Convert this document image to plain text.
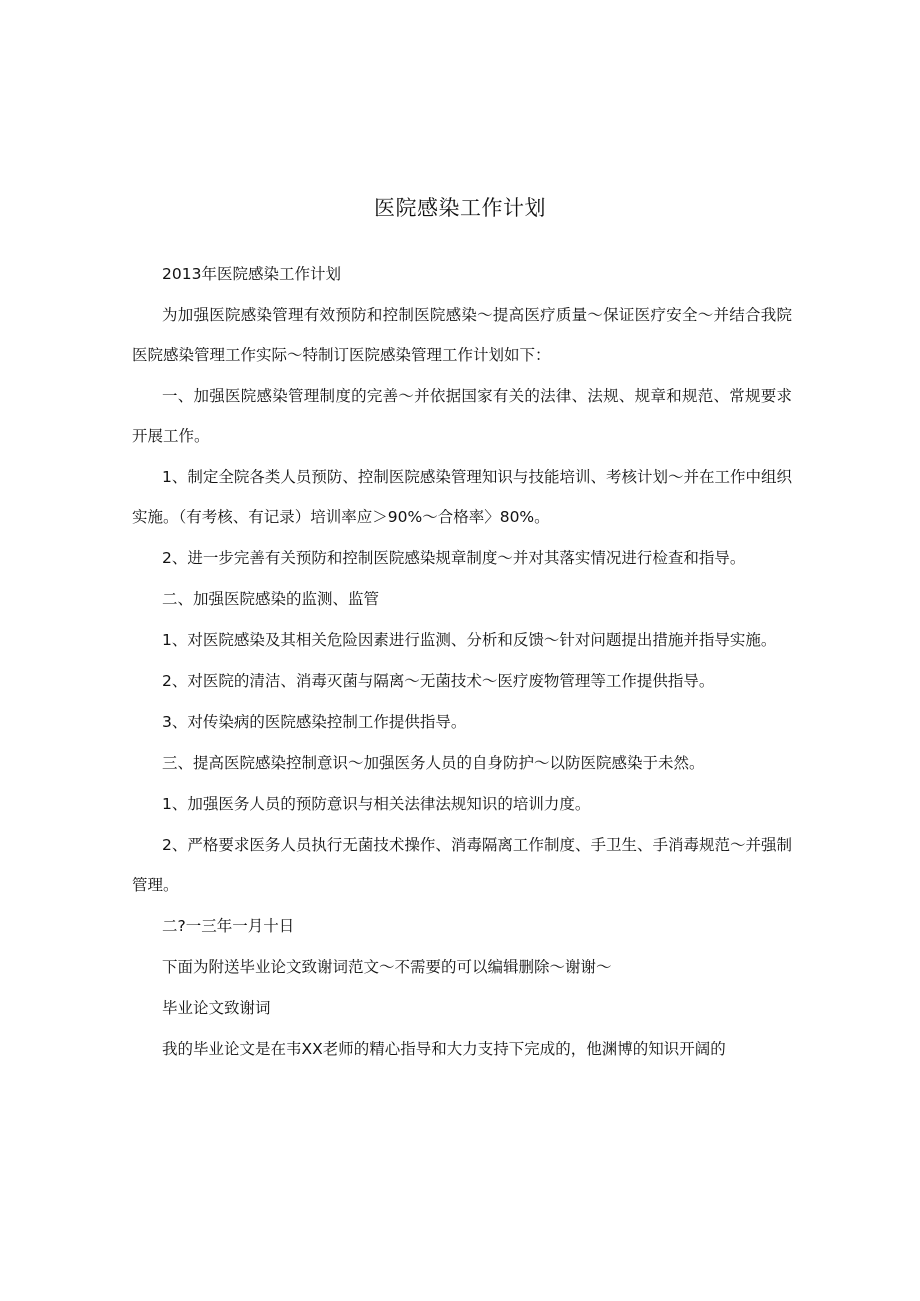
医院感染工作计划

2013年医院感染工作计划

为加强医院感染管理有效预防和控制医院感染～提高医疗质量～保证医疗安全～并结合我院医院感染管理工作实际～特制订医院感染管理工作计划如下：

一、加强医院感染管理制度的完善～并依据国家有关的法律、法规、规章和规范、常规要求开展工作。

1、制定全院各类人员预防、控制医院感染管理知识与技能培训、考核计划～并在工作中组织实施。（有考核、有记录）培训率应＞90%～合格率〉80%。

2、进一步完善有关预防和控制医院感染规章制度～并对其落实情况进行检查和指导。

二、加强医院感染的监测、监管

1、对医院感染及其相关危险因素进行监测、分析和反馈～针对问题提出措施并指导实施。

2、对医院的清洁、消毒灭菌与隔离～无菌技术～医疗废物管理等工作提供指导。

3、对传染病的医院感染控制工作提供指导。

三、提高医院感染控制意识～加强医务人员的自身防护～以防医院感染于未然。

1、加强医务人员的预防意识与相关法律法规知识的培训力度。

2、严格要求医务人员执行无菌技术操作、消毒隔离工作制度、手卫生、手消毒规范～并强制管理。

二?一三年一月十日

下面为附送毕业论文致谢词范文～不需要的可以编辑删除～谢谢～

毕业论文致谢词

我的毕业论文是在韦XX老师的精心指导和大力支持下完成的，他渊博的知识开阔的
